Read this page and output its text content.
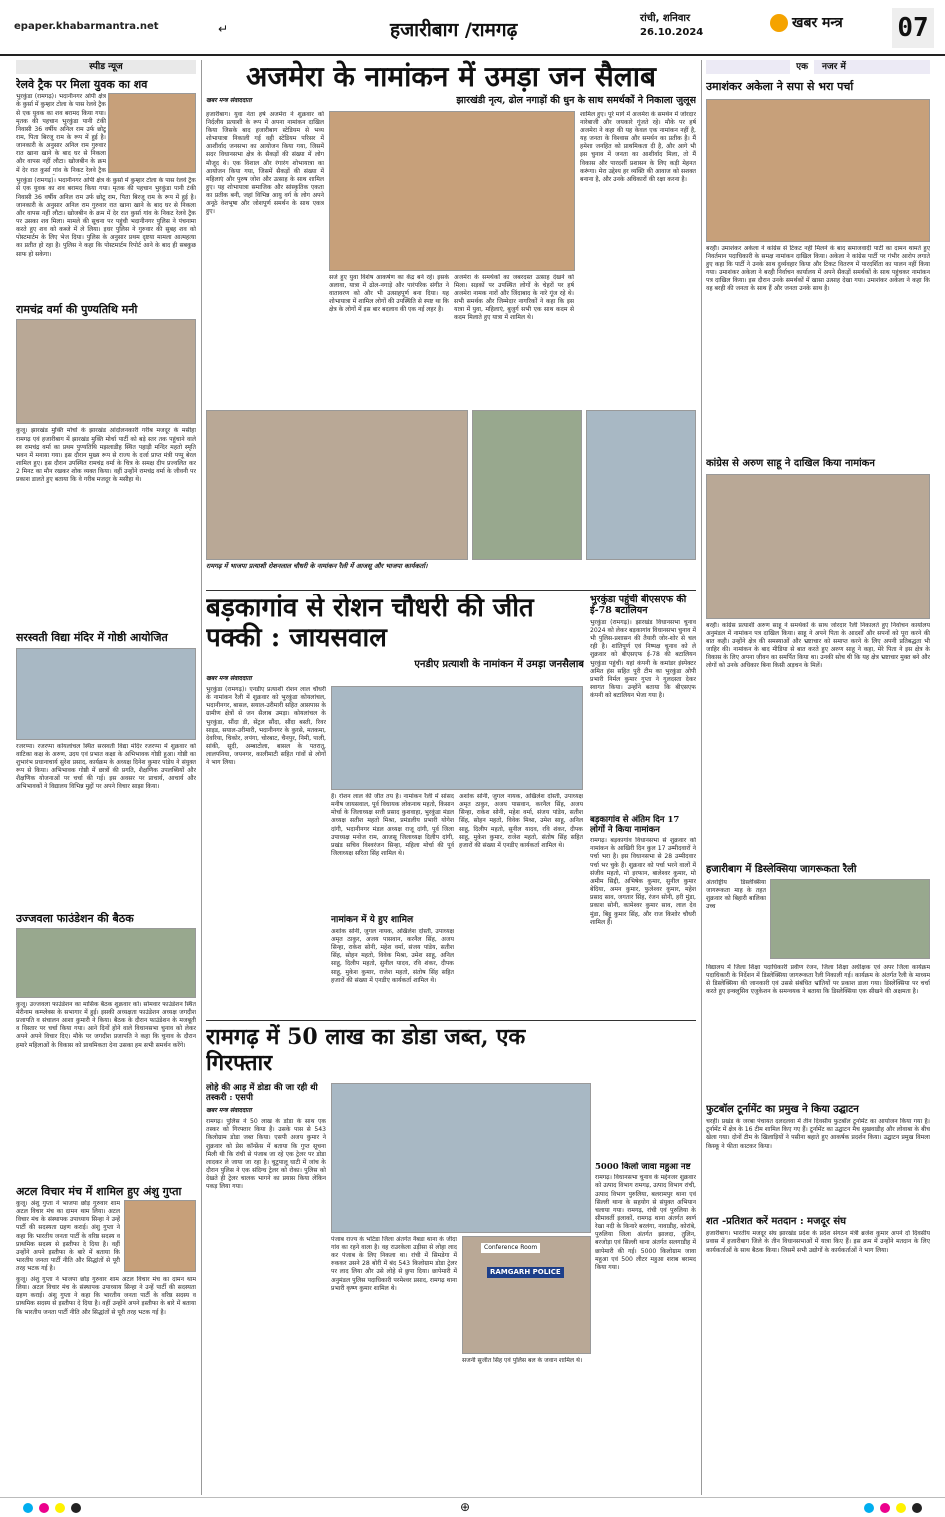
epaper.khabarmantra.net	↵	हजारीबाग /रामगढ़
रांची, शनिवार
26.10.2024
खबर मन्त्र 07
स्पीड न्यूज
रेलवे ट्रैक पर मिला युवक का शव
भुरकुंडा (रामगढ़)। भदानीनगर ओपी क्षेत्र के कुर्सा में कुम्हार टोला के पास रेलवे ट्रैक से एक युवक का शव बरामद किया गया। मृतक की पहचान भुरकुंडा पानी टंकी निवासी 36 वर्षीय अनिल राम उर्फ छोटू राम, पिता बिरजू राम के रूप में हुई है। जानकारी के अनुसार अनिल राम गुरुवार रात खाना खाने के बाद घर से निकला और वापस नहीं लौटा। खोजबीन के क्रम में देर रात कुर्सा गांव के निकट रेलवे ट्रैक
भुरकुंडा (रामगढ़)। भदानीनगर ओपी क्षेत्र के कुर्सा में कुम्हार टोला के पास रेलवे ट्रैक से एक युवक का शव बरामद किया गया। मृतक की पहचान भुरकुंडा पानी टंकी निवासी 36 वर्षीय अनिल राम उर्फ छोटू राम, पिता बिरजू राम के रूप में हुई है। जानकारी के अनुसार अनिल राम गुरुवार रात खाना खाने के बाद घर से निकला और वापस नहीं लौटा। खोजबीन के क्रम में देर रात कुर्सा गांव के निकट रेलवे ट्रैक पर उसका शव मिला। मामले की सूचना पर पहुंची भदानीनगर पुलिस ने पंचनामा करते हुए शव को कब्जे में ले लिया। इधर पुलिस ने गुरुवार की सुबह शव को पोस्टमार्टम के लिए भेज दिया। पुलिस के अनुसार प्रथम दृष्टया मामला आत्महत्या का प्रतीत हो रहा है। पुलिस ने कहा कि पोस्टमार्टम रिपोर्ट आने के बाद ही सबकुछ साफ हो सकेगा।
रामचंद्र वर्मा की पुण्यतिथि मनी
कुजू। झारखंड मुक्ति मोर्चा के झारखंड आंदोलनकारी गरीब मजदूर के मसीहा रामगढ़ एवं हजारीबाग में झारखंड मुक्ति मोर्चा पार्टी को बड़े स्तर तक पहुंचाने वाले स्व रामचंद्र वर्मा का प्रथम पुण्यतिथि मझलाडीह स्थित पहाड़ी मन्दिर महतो स्मृति भवन में मनाया गया। इस दौरान मुख्य रूप से राज्य के दर्जा प्राप्त मंत्री पप्पू बेरल शामिल हुए। इस दौरान उपस्थित रामचंद्र वर्मा के चित्र के समक्ष दीप प्रज्वलित कर 2 मिनट का मौन रखकर शोक व्यक्त किया। वहीं उन्होंने रामचंद्र वर्मा के जीवनी पर प्रकाश डालते हुए बताया कि वे गरीब मजदूर के मसीहा थे।
सरस्वती विद्या मंदिर में गोष्ठी आयोजित
रजरप्पा। रजरप्पा कोयलांचल स्थित सरस्वती विद्या मंदिर रजरप्पा में शुक्रवार को वाटिका कक्ष के अरुण, उदय एवं प्रभात कक्षा के अभिभावक गोष्ठी हुआ। गोष्ठी का शुभारंभ प्रधानाचार्य सुरेश प्रसाद, कार्यक्रम के अध्यक्ष दिनेश कुमार पांडेय ने संयुक्त रूप से किया। अभिभावक गोष्ठी में छात्रों की प्रगति, शैक्षणिक उपलब्धियों और शैक्षणिक योजनाओं पर चर्चा की गई। इस अवसर पर प्राचार्य, आचार्य और अभिभावकों ने विद्यालय विभिन्न मुद्दों पर अपने विचार साझा किया।
उज्जवला फाउंडेशन की बैठक
कुजू। उज्जवला फाउंडेशन का मासिक बैठक शुक्रवार को। सोमवार फाउंडेशन स्थित मेरीनाम कम्प्लेक्स के सभागार में हुई। इसकी अध्यक्षता फाउंडेशन अध्यक्ष जगदीश प्रजापति व संचालन आशा कुमारी ने किया। बैठक के दौरान फाउंडेशन के मजबूती व विस्तार पर चर्चा किया गया। आने दिनों होने वाले विधानसभा चुनाव को लेकर अपने अपने विचार दिए। मौके पर जगदीश प्रजापति ने कहा कि चुनाव के दौरान हमारे महिलाओं के विकास को प्राथमिकता देना उसका हम सभी समर्थन करेंगे।
अटल विचार मंच में शामिल हुए अंशु गुप्ता
कुजू। अंशु गुप्ता ने भाजपा छोड़ गुरुवार शाम अटल विचार मंच का दामन थाम लिया। अटल विचार मंच के संस्थापक उपाध्याय सिन्हा ने उन्हें पार्टी की सदस्यता ग्रहण कराई। अंशु गुप्ता ने कहा कि भारतीय जनता पार्टी के वरिष्ठ सदस्य व प्राथमिक सदस्य से इस्तीफा दे दिया है। वहीं उन्होंने अपने इस्तीफा के बारे में बताया कि भारतीय जनता पार्टी नीति और सिद्धांतों से पूरी तरह भटक गई है।
कुजू। अंशु गुप्ता ने भाजपा छोड़ गुरुवार शाम अटल विचार मंच का दामन थाम लिया। अटल विचार मंच के संस्थापक उपाध्याय सिन्हा ने उन्हें पार्टी की सदस्यता ग्रहण कराई। अंशु गुप्ता ने कहा कि भारतीय जनता पार्टी के वरिष्ठ सदस्य व प्राथमिक सदस्य से इस्तीफा दे दिया है। वहीं उन्होंने अपने इस्तीफा के बारे में बताया कि भारतीय जनता पार्टी नीति और सिद्धांतों से पूरी तरह भटक गई है।
अजमेरा के नामांकन में उमड़ा जन सैलाब
खबर मन्त्र संवाददाता	झारखंडी नृत्य, ढोल नगाड़ों की धुन के साथ समर्थकों ने निकाला जुलूस
हजारीबाग। युवा नेता हर्ष अजमेरा ने शुक्रवार को निर्दलीय प्रत्याशी के रूप में अपना नामांकन दाखिल किया जिसके बाद हजारीबाग स्टेडियम से भव्य शोभायात्रा निकाली गई वही स्टेडियम परिसर में आशीर्वाद जनसभा का आयोजन किया गया, जिसमें सदर विधानसभा क्षेत्र के सैकड़ों की संख्या में लोग मौजूद थे। एक विशाल और रंगारंग शोभायात्रा का आयोजन किया गया, जिसमें सैकड़ों की संख्या में महिलाएं और पुरुष जोश और उत्साह के साथ शामिल हुए। यह शोभायात्रा समाजिक और सांस्कृतिक एकता का प्रतीक बनी, जहां विभिन्न आयु वर्ग के लोग अपने अनूठे वेशभूषा और जोशपूर्ण समर्थन के साथ एकत्र हुए।
सजे हुए युवा विशेष आकर्षण का केंद्र बने रहे। इसके अलावा, यात्रा में ढोल-नगाड़े और पारंपरिक संगीत ने वातावरण को और भी उत्साहपूर्ण बना दिया। यह शोभायात्रा में शामिल लोगों की उपस्थिति से स्पष्ट था कि क्षेत्र के लोगों में इस बार बदलाव की एक नई लहर है।
अजमेरा के समर्थकों का जबरदस्त उत्साह देखने को मिला। सड़कों पर उपस्थित लोगों के चेहरों पर हर्ष अजमेरा नामक नारों और जिंदाबाद के नारे गूंज रहे थे। सभी समर्थक और जिम्मेदार नागरिकों ने कहा कि इस यात्रा में युवा, महिलाएं, बुजुर्ग सभी एक साथ कदम से कदम मिलाते हुए यात्रा में शामिल थे।
शामिल हुए। पूरे मार्ग में अजमेरा के समर्थन में जोरदार नारेबाजी और जयकारे गूंजते रहे। मौके पर हर्ष अजमेरा ने कहा की यह केवल एक नामांकन नहीं है, यह जनता के विश्वास और समर्थन का प्रतीक है। मैं हमेशा जनहित को प्राथमिकता दी है, और आगे भी इस चुनाव में जनता का आशीर्वाद मिला, तो मैं विकास और पारदर्शी प्रशासन के लिए कड़ी मेहनत करूंगा। मेरा उद्देश्य हर व्यक्ति की आवाज को सशक्त बनाना है, और उनके अधिकारों की रक्षा करना है।
रामगढ़ में भाजपा प्रत्याशी रोशनलाल चौधरी के नामांकन रैली में आजसू और भाजपा कार्यकर्ता।
बड़कागांव से रोशन चौधरी की जीत पक्की : जायसवाल
एनडीए प्रत्याशी के नामांकन में उमड़ा जनसैलाब
खबर मन्त्र संवाददाता
भुरकुंडा (रामगढ़)। एनडीए प्रत्याशी रोशन लाल चौधरी के नामांकन रैली में शुक्रवार को भुरकुंडा कोयलांचल, भदानीनगर, बासल, सयाल-उरीमारी सहित आसपास के ग्रामीण क्षेत्रों से जन सैलाब उमड़ा। कोयलांचल के भुरकुंडा, सौंदा डी, सेंट्रल सौंदा, सौंदा बस्ती, रिवर साइड, सयाल-उरीमारी, भदानीनगर के कुरसे, मतकमा, देवरिया, चिकोर, लपंगा, चोरबाट, चैनपुर, निमी, पाली, सांकी, सूदी, अम्बाटोला, बासल के पतरातू, लालपनिया, जयनगर, कालीमाटी सहित गांवों से लोगों ने भाग लिया।
है। रोशन लाल की जीत तय है। नामांकन रैली में सांसद मनीष जायसवाल, पूर्व विधायक लोकनाथ महतो, किसान मोर्चा के जिलाध्यक्ष सत्ती प्रसाद कुशवाहा, भुरकुंडा मंडल अध्यक्ष सतीश महतो मिश्रा, प्रमंडलीय प्रभारी योगेश दांगी, भदानीनगर मंडल अध्यक्ष राजू दांगी, पूर्व जिला उपाध्यक्ष मनोज राम, आजसू जिलाध्यक्ष दिलीप दांगी, प्रखंड सचिव विश्वरंजन सिन्हा, महिला मोर्चा की पूर्व जिलाध्यक्ष सरिता सिंह शामिल थे।
नामांकन में ये हुए शामिल
अशोक सोनी, जुगल नायक, अखिलेश दोस्ती, उपाध्यक्ष अमृत ठाकुर, अजय पासवान, करनैल सिंह, अजय सिन्हा, राकेश सोनी, महेश वर्मा, संजय पांडेय, सतीश सिंह, सोहन महतो, विवेक मिश्रा, उमेश साहू, अनिल साहू, दिलीप महतो, सुनील यादव, रवि शंकर, दीपक साहू, मुकेश कुमार, राजेश महतो, संतोष सिंह सहित हजारों की संख्या में एनडीए कार्यकर्ता शामिल थे।
अशोक सोनी, जुगल नायक, अखिलेश दोस्ती, उपाध्यक्ष अमृत ठाकुर, अजय पासवान, करनैल सिंह, अजय सिन्हा, राकेश सोनी, महेश वर्मा, संजय पांडेय, सतीश सिंह, सोहन महतो, विवेक मिश्रा, उमेश साहू, अनिल साहू, दिलीप महतो, सुनील यादव, रवि शंकर, दीपक साहू, मुकेश कुमार, राजेश महतो, संतोष सिंह सहित हजारों की संख्या में एनडीए कार्यकर्ता शामिल थे।
भुरकुंडा पहुंची बीएसएफ की ई-78 बटालियन
भुरकुंडा (रामगढ़)। झारखंड विधानसभा चुनाव 2024 को लेकर बड़कागांव विधानसभा चुनाव में भी पुलिस-प्रशासन की तैयारी जोर-शोर से चल रही है। शांतिपूर्ण एवं निष्पक्ष चुनाव को ले शुक्रवार को बीएसएफ ई-78 की बटालियन भुरकुंडा पहुंची। यहां कंपनी के कमांडर इंस्पेक्टर अमित हंस सहित पूरी टीम का भुरकुंडा ओपी प्रभारी निर्मल कुमार गुप्ता ने गुलदस्ता देकर स्वागत किया। उन्होंने बताया कि बीएसएफ कंपनी को बटालियन भेजा गया है।
बड़कागांव से अंतिम दिन 17 लोगों ने किया नामांकन
रामगढ़। बड़कागांव विधानसभा से शुक्रवार को नामांकन के आखिरी दिन कुल 17 उम्मीदवारों ने पर्चा भरा है। इस विधानसभा से 28 उम्मीदवार पर्चा भर चुके हैं। शुक्रवार को पर्चा भरने वालों में संजीव महतो, मो इरफान, बालेश्वर कुमार, मो अमीम सिद्दी, अभिषेक कुमार, सुनील कुमार बेदिया, अमन कुमार, फुलेश्वर कुमार, महेश प्रसाद साव, जगतार सिंह, रंजन सोनी, हरी मुंडा, प्रकाश सोनी, कामेश्वर कुमार साव, लाल देव मुंडा, बिट्टू कुमार सिंह, और राज किशोर चौधरी शामिल हैं।
रामगढ़ में 50 लाख का डोडा जब्त, एक गिरफ्तार
लोहे की आड़ में डोडा की जा रही थी तस्करी : एसपी
खबर मन्त्र संवाददाता
रामगढ़। पुलिस ने 50 लाख के डोडा के साथ एक तस्कर को गिरफ्तार किया है। उसके पास से 543 किलोग्राम डोडा जब्त किया। एसपी अजय कुमार ने शुक्रवार को प्रेस कॉन्फ्रेंस में बताया कि गुप्त सूचना मिली थी कि रांची से पंजाब जा रहे एक ट्रेलर पर डोडा लादकर ले जाया जा रहा है। चुटुपालू घाटी में जांच के दौरान पुलिस ने एक संदिग्ध ट्रेलर को रोका। पुलिस को देखते ही ट्रेलर चालक भागने का प्रयास किया लेकिन पकड़ लिया गया।
पंजाब राज्य के भटिंडा जिला अंतर्गत नैबडा थाना के जीदा गांव का रहने वाला है। वह राउरकेला उड़ीसा से लोहा लाद कर पंजाब के लिए निकला था। रांची में सिमडेगा में रुककर उसने 28 बोरी में बंद 543 किलोग्राम डोडा ट्रेलर पर लाद लिया और उसे लोहे से छुपा दिया। छापेमारी में अनुमंडल पुलिस पदाधिकारी परमेश्वर प्रसाद, रामगढ़ थाना प्रभारी कृष्ण कुमार शामिल थे।
Conference Room
RAMGARH POLICE
सजनी सुजीत सिंह एवं पुलिस बल के जवान शामिल थे।
5000 किलो जावा महुआ नष्ट
रामगढ़। विधानसभा चुनाव के मद्देनजर शुक्रवार को उत्पाद विभाग रामगढ़, उत्पाद विभाग रांची, उत्पाद विभाग पुरुलिया, बलरामपुर थाना एवं सिल्ली थाना के सहयोग से संयुक्त अभियान चलाया गया। रामगढ़, रांची एवं पुरुलिया के सीमावर्ती इलाकों, रामगढ़ थाना अंतर्गत स्वर्ण रेखा नदी के किनारे बरलंगा, नावाडीह, कोरांबे, पुरुलिया जिला अंतर्गत झालदा, तुलिन, बरजोड़ा एवं सिल्ली थाना अंतर्गत सलगाडीह में छापेमारी की गई। 5000 किलोग्राम जावा महुआ एवं 500 लीटर महुआ शराब बरामद किया गया।
एक	नजर में
उमाशंकर अकेला ने सपा से भरा पर्चा
बरही। उमाशंकर अकेला ने कांग्रेस से टिकट नहीं मिलने के बाद समाजवादी पार्टी का दामन थामते हुए निवर्तमान पदाधिकारी के समक्ष नामांकन दाखिल किया। अकेला ने कांग्रेस पार्टी पर गंभीर आरोप लगाते हुए कहा कि पार्टी ने उनके साथ दुर्व्यवहार किया और टिकट वितरण में पारदर्शिता का पालन नहीं किया गया। उमाशंकर अकेला ने बरही निर्वाचन कार्यालय में अपने सैकड़ों समर्थकों के साथ पहुंचकर नामांकन पत्र दाखिल किया। इस दौरान उनके समर्थकों में खासा उत्साह देखा गया। उमाशंकर अकेला ने कहा कि वह बरही की जनता के साथ हैं और जनता उनके साथ है।
कांग्रेस से अरुण साहू ने दाखिल किया नामांकन
बरही। कांग्रेस प्रत्याशी अरुण साहू ने समर्थकों के साथ जोरदार रैली निकालते हुए निर्वाचन कार्यालय अनुमंडल में नामांकन पत्र दाखिल किया। साहू ने अपने पिता के आदर्शों और सपनों को पूरा करने की बात कही। उन्होंने क्षेत्र की समस्याओं और भ्रष्टाचार को समाप्त करने के लिए अपनी प्रतिबद्धता भी जाहिर की। नामांकन के बाद मीडिया से बात करते हुए अरुण साहू ने कहा, मेरे पिता ने इस क्षेत्र के विकास के लिए अपना जीवन का समर्पित किया था। उनकी सोच थी कि यह क्षेत्र भ्रष्टाचार मुक्त बने और लोगों को उनके अधिकार बिना किसी अड़चन के मिलें।
हजारीबाग में डिस्लेक्सिया जागरूकता रैली
अंतर्राष्ट्रीय डिस्लेक्सिया जागरूकता माह के तहत शुक्रवार को बिहारी बालिका उच्च
विद्यालय में जिला शिक्षा पदाधिकारी प्रवीण रंजन, जिला शिक्षा अधीक्षक एवं अपर जिला कार्यक्रम पदाधिकारी के निर्देशन में डिस्लेक्सिया जागरूकता रैली निकाली गई। कार्यक्रम के अंतर्गत रैली के माध्यम से डिस्लेक्सिया की जानकारी एवं उससे संबंधित भ्रांतियों पर प्रकाश डाला गया। डिस्लेक्सिया पर चर्चा करते हुए इन्क्लूसिव एजुकेशन के समन्वयक ने बताया कि डिस्लेक्सिया एक सीखने की अक्षमता है।
फुटबॉल टूर्नामेंट का प्रमुख ने किया उद्घाटन
चरही। प्रखंड के जरबा पंचायत दलदलवा में तीन दिवसीय फुटबॉल टूर्नामेंट का आयोजन किया गया है। टूर्नामेंट में क्षेत्र के 16 टीम शामिल किए गए हैं। टूर्नामेंट का उद्घाटन मैच सुखवाडीह और लोवाबा के बीच खेला गया। दोनों टीम के खिलाड़ियों ने पसीना बहाते हुए आकर्षक प्रदर्शन किया। उद्घाटन प्रमुख विमला किस्कू ने फीता काटकर किया।
शत -प्रतिशत करें मतदान : मजदूर संघ
हजारीबाग। भारतीय मजदूर संघ झारखंड प्रदेश के प्रदेश संगठन मंत्री ब्रजेश कुमार अपने दो दिवसीय प्रवास में हजारीबाग जिले के तीन विधानसभाओं में यात्रा किए हैं। इस क्रम में उन्होंने मतदान के लिए कार्यकर्ताओं के साथ बैठक किया। जिसमें सभी उद्योगों के कार्यकर्ताओं ने भाग लिया।
⊕
